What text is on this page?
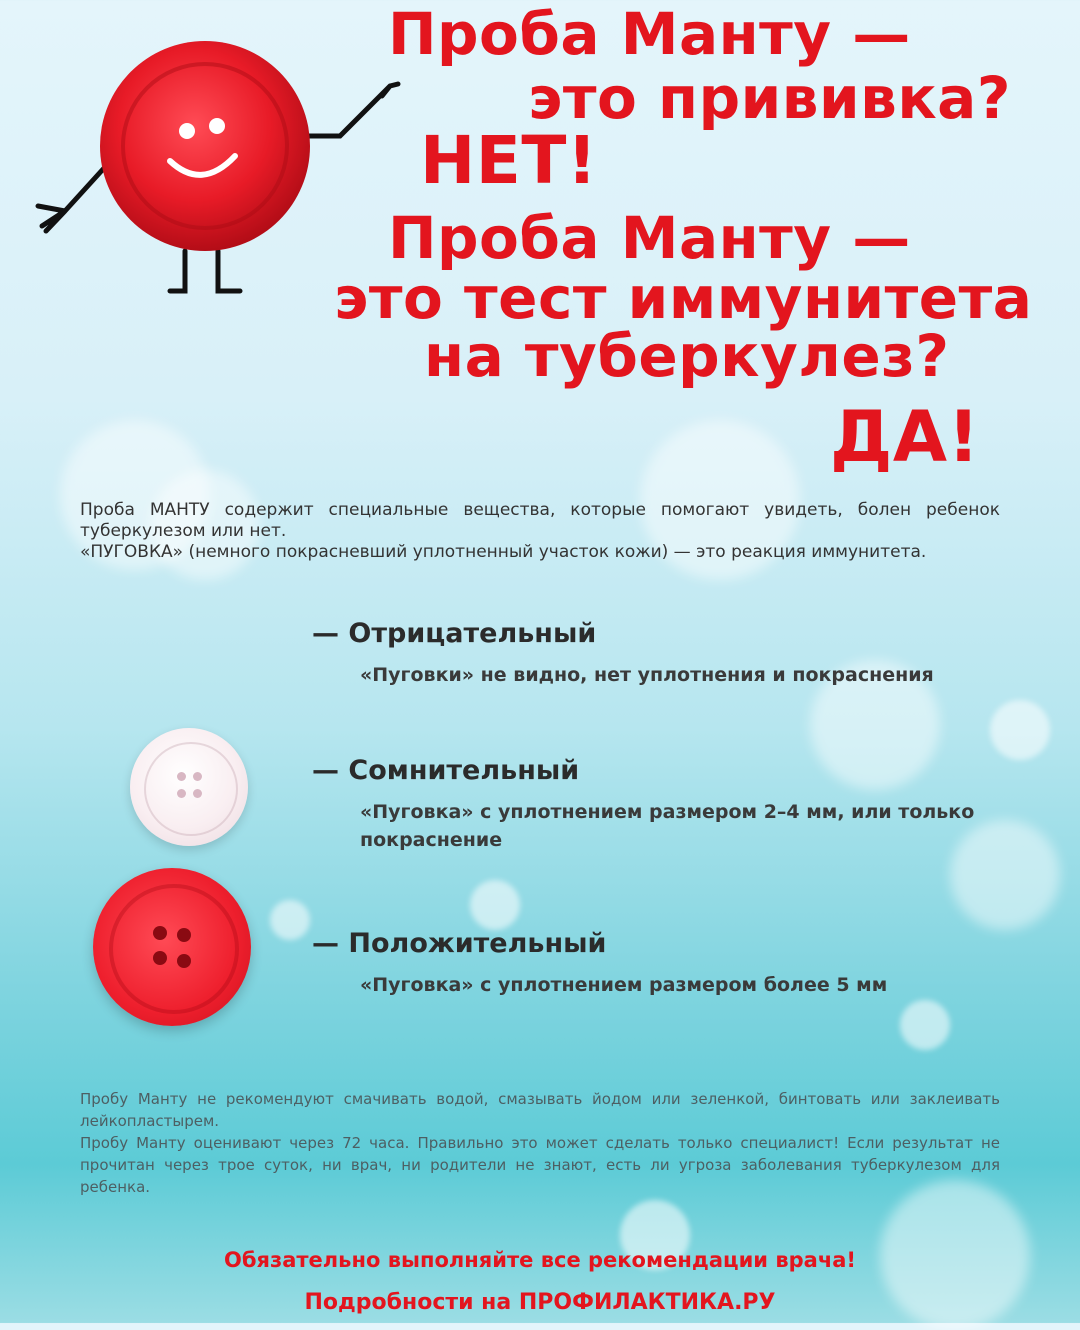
Проба Манту —
это прививка?
НЕТ!
Проба Манту —
это тест иммунитета
на туберкулез?
ДА!

Проба МАНТУ содержит специальные вещества, которые помогают увидеть, болен ребенок туберкулезом или нет.

«ПУГОВКА» (немного покрасневший уплотненный участок кожи) — это реакция иммунитета.

— Отрицательный
«Пуговки» не видно, нет уплотнения и покраснения
— Сомнительный
«Пуговка» с уплотнением размером 2–4 мм, или только покраснение
— Положительный
«Пуговка» с уплотнением размером более 5 мм

Пробу Манту не рекомендуют смачивать водой, смазывать йодом или зеленкой, бинтовать или заклеивать лейкопластырем.

Пробу Манту оценивают через 72 часа. Правильно это может сделать только специалист! Если результат не прочитан через трое суток, ни врач, ни родители не знают, есть ли угроза заболевания туберкулезом для ребенка.

Обязательно выполняйте все рекомендации врача!
Подробности на ПРОФИЛАКТИКА.РУ
